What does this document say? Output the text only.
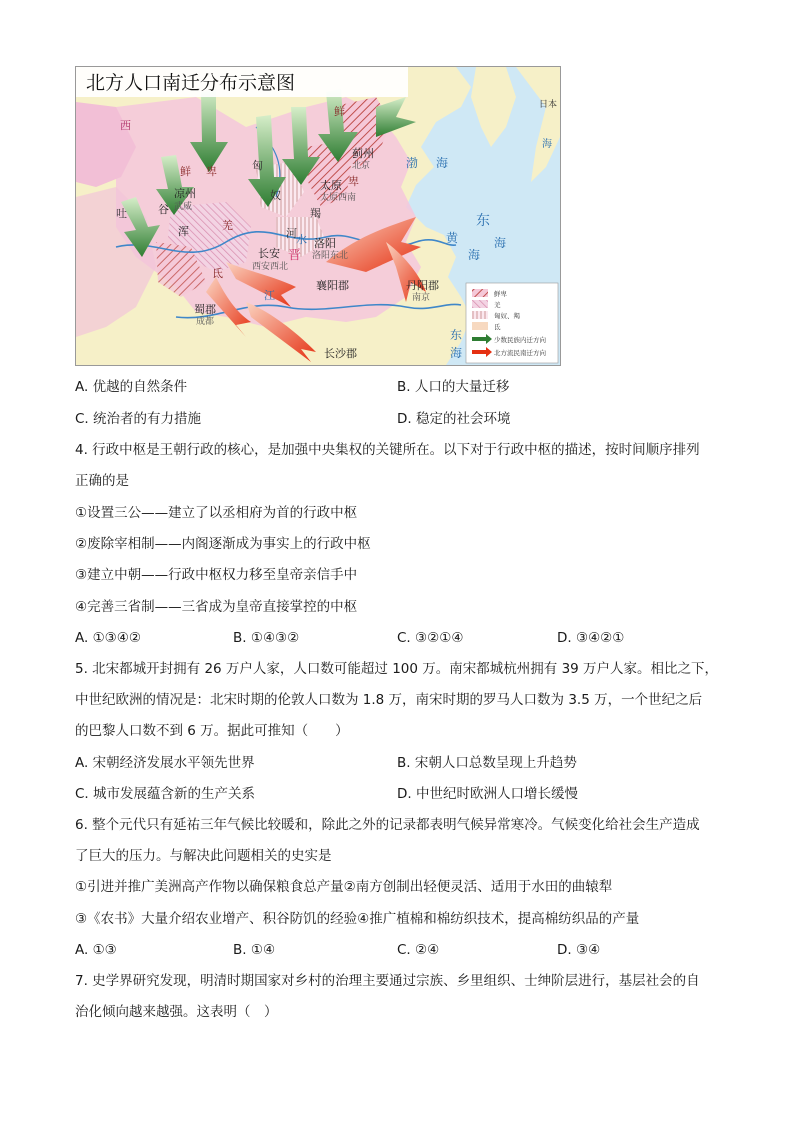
北方人口南迁分布示意图
西
鲜
卑
匈
奴
鲜 卑
吐	谷
浑	羌
氐
羯
河
晋
凉州
武威
长安
西安西北
洛阳
洛阳东北
太原
太原西南
蓟州
北京
襄阳郡	丹阳郡
南京
蜀郡
成都
长沙郡
江
水
渤 海
黄
海
东
海
东
海
日本
海
鲜卑
羌
匈奴、羯
氐
少数民族内迁方向
北方流民南迁方向
A. 优越的自然条件	B. 人口的大量迁移
C. 统治者的有力措施	D. 稳定的社会环境
4. 行政中枢是王朝行政的核心，是加强中央集权的关键所在。以下对于行政中枢的描述，按时间顺序排列
正确的是
①设置三公——建立了以丞相府为首的行政中枢
②废除宰相制——内阁逐渐成为事实上的行政中枢
③建立中朝——行政中枢权力移至皇帝亲信手中
④完善三省制——三省成为皇帝直接掌控的中枢
A. ①③④②	B. ①④③②	C. ③②①④	D. ③④②①
5. 北宋都城开封拥有 26 万户人家，人口数可能超过 100 万。南宋都城杭州拥有 39 万户人家。相比之下，
中世纪欧洲的情况是：北宋时期的伦敦人口数为 1.8 万，南宋时期的罗马人口数为 3.5 万，一个世纪之后
的巴黎人口数不到 6 万。据此可推知（　　）
A. 宋朝经济发展水平领先世界	B. 宋朝人口总数呈现上升趋势
C. 城市发展蕴含新的生产关系	D. 中世纪时欧洲人口增长缓慢
6. 整个元代只有延祐三年气候比较暖和，除此之外的记录都表明气候异常寒冷。气候变化给社会生产造成
了巨大的压力。与解决此问题相关的史实是
①引进并推广美洲高产作物以确保粮食总产量②南方创制出轻便灵活、适用于水田的曲辕犁
③《农书》大量介绍农业增产、积谷防饥的经验④推广植棉和棉纺织技术，提高棉纺织品的产量
A. ①③	B. ①④	C. ②④	D. ③④
7. 史学界研究发现，明清时期国家对乡村的治理主要通过宗族、乡里组织、士绅阶层进行，基层社会的自
治化倾向越来越强。这表明（　）
